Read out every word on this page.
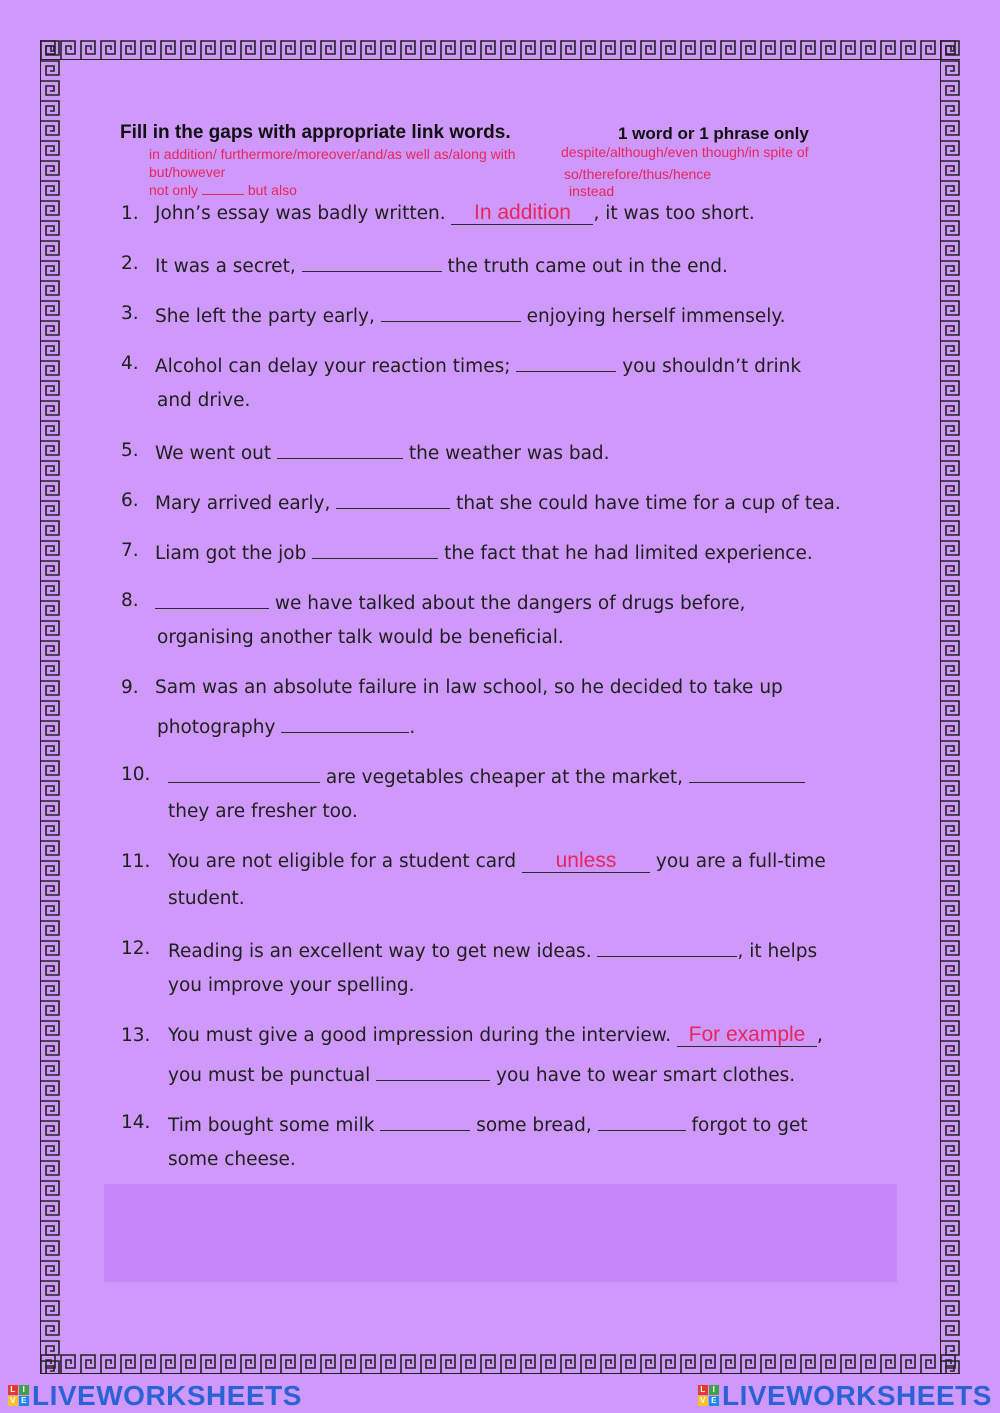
Fill in the gaps with appropriate link words.	1 word or 1 phrase only
in addition/ furthermore/moreover/and/as well as/along with
but/however
not only	but also
despite/although/even though/in spite of
so/therefore/thus/hence
instead
1. John’s essay was badly written. In addition , it was too short.
2. It was a secret,	the truth came out in the end.
3. She left the party early,	enjoying herself immensely.
4. Alcohol can delay your reaction times;	you shouldn’t drink
and drive.
5. We went out	the weather was bad.
6. Mary arrived early,	that she could have time for a cup of tea.
7. Liam got the job	the fact that he had limited experience.
8.	we have talked about the dangers of drugs before,
organising another talk would be beneficial.
9. Sam was an absolute failure in law school, so he decided to take up
photography	.
10.	are vegetables cheaper at the market,
they are fresher too.
11. You are not eligible for a student card unless you are a full-time
student.
12. Reading is an excellent way to get new ideas.	, it helps
you improve your spelling.
13. You must give a good impression during the interview. For example ,
you must be punctual	you have to wear smart clothes.
14. Tim bought some milk	some bread,	forgot to get
some cheese.
L I
V E LIVEWORKSHEETS	L I
V E LIVEWORKSHEETS
